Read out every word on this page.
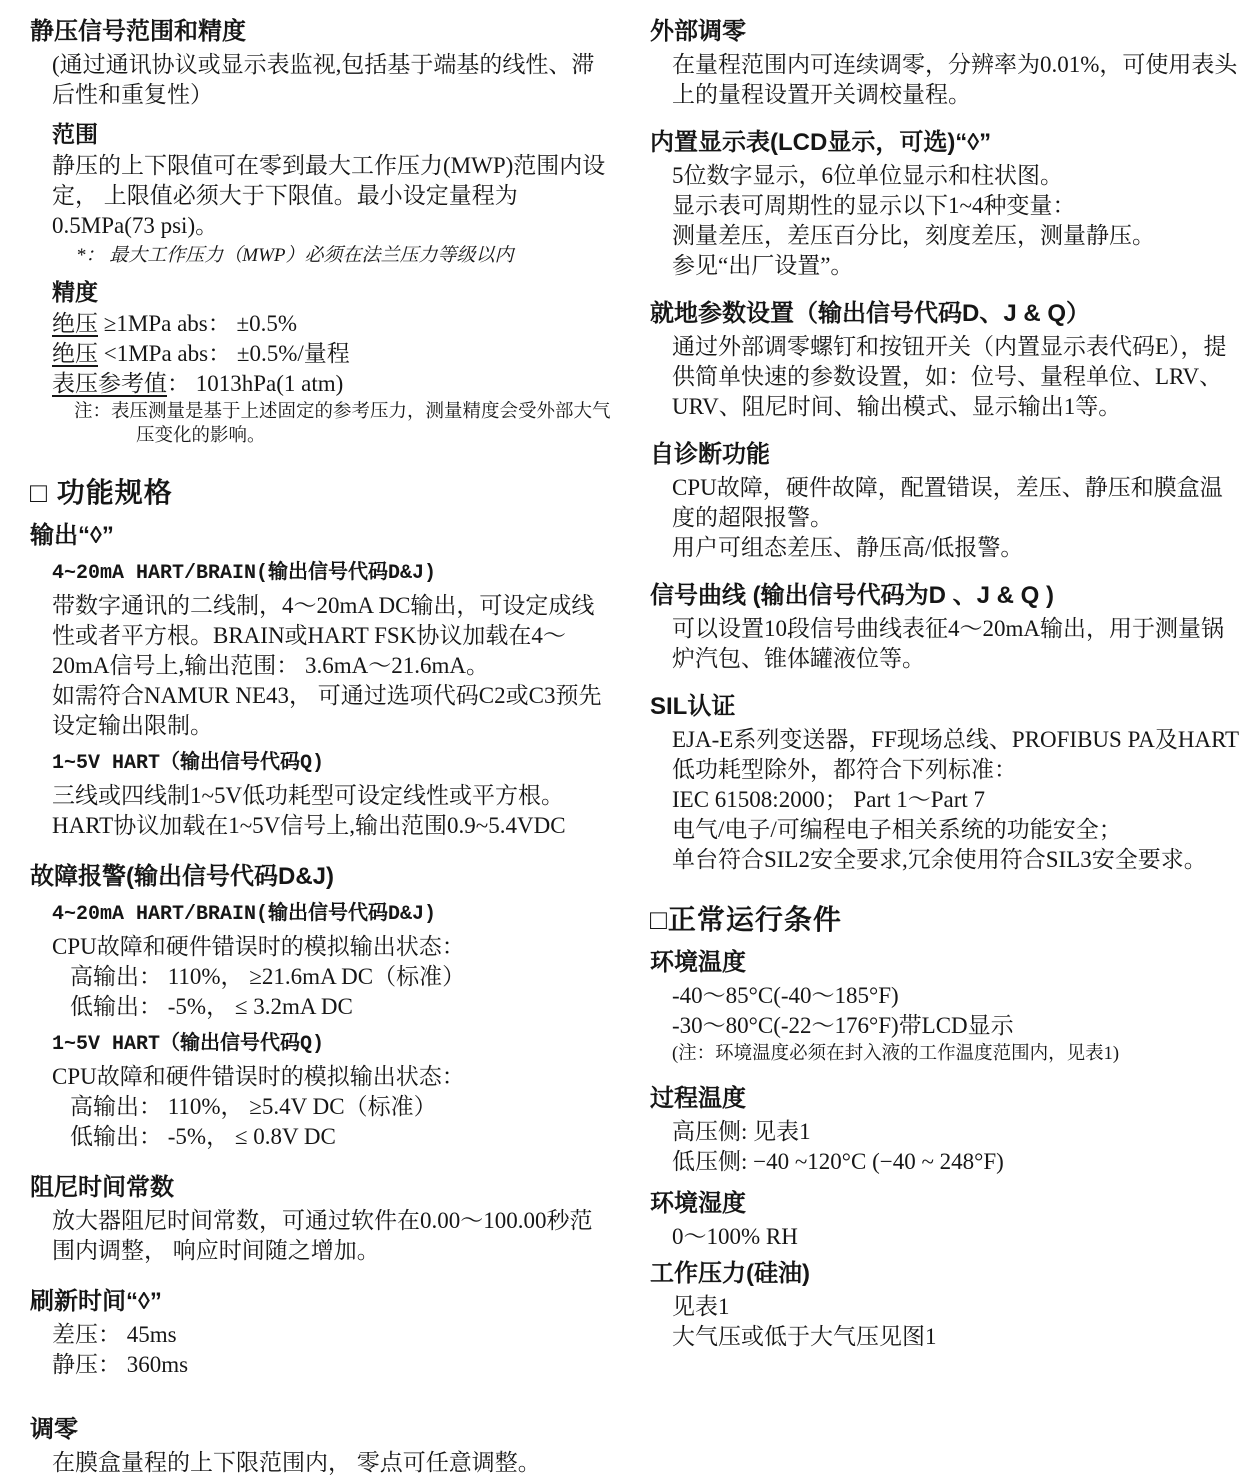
静压信号范围和精度
(通过通讯协议或显示表监视,包括基于端基的线性、滞后性和重复性）
范围
静压的上下限值可在零到最大工作压力(MWP)范围内设定， 上限值必须大于下限值。最小设定量程为0.5MPa(73 psi)。
*： 最大工作压力（MWP）必须在法兰压力等级以内
精度
绝压 ≥1MPa abs： ±0.5%
绝压 <1MPa abs： ±0.5%/量程
表压参考值： 1013hPa(1 atm)
注：表压测量是基于上述固定的参考压力，测量精度会受外部大气压变化的影响。
□ 功能规格
输出“◊”
4~20mA HART/BRAIN(输出信号代码D&J)
带数字通讯的二线制，4～20mA DC输出，可设定成线性或者平方根。BRAIN或HART FSK协议加载在4～20mA信号上,输出范围： 3.6mA～21.6mA。
如需符合NAMUR NE43， 可通过选项代码C2或C3预先设定输出限制。
1~5V HART（输出信号代码Q)
三线或四线制1~5V低功耗型可设定线性或平方根。HART协议加载在1~5V信号上,输出范围0.9~5.4VDC
故障报警(输出信号代码D&J)
4~20mA HART/BRAIN(输出信号代码D&J)
CPU故障和硬件错误时的模拟输出状态：
高输出： 110%， ≥21.6mA DC（标准）
低输出： -5%， ≤ 3.2mA DC
1~5V HART（输出信号代码Q)
CPU故障和硬件错误时的模拟输出状态：
高输出： 110%， ≥5.4V DC（标准）
低输出： -5%， ≤ 0.8V DC
阻尼时间常数
放大器阻尼时间常数，可通过软件在0.00～100.00秒范围内调整， 响应时间随之增加。
刷新时间“◊”
差压： 45ms
静压： 360ms
调零
在膜盒量程的上下限范围内， 零点可任意调整。
外部调零
在量程范围内可连续调零，分辨率为0.01%，可使用表头上的量程设置开关调校量程。
内置显示表(LCD显示，可选)“◊”
5位数字显示，6位单位显示和柱状图。
显示表可周期性的显示以下1~4种变量：
测量差压，差压百分比，刻度差压，测量静压。
参见“出厂设置”。
就地参数设置（输出信号代码D、J & Q）
通过外部调零螺钉和按钮开关（内置显示表代码E），提供简单快速的参数设置，如：位号、量程单位、LRV、URV、阻尼时间、输出模式、显示输出1等。
自诊断功能
CPU故障，硬件故障，配置错误，差压、静压和膜盒温度的超限报警。
用户可组态差压、静压高/低报警。
信号曲线 (输出信号代码为D 、J & Q )
可以设置10段信号曲线表征4～20mA输出，用于测量锅炉汽包、锥体罐液位等。
SIL认证
EJA-E系列变送器，FF现场总线、PROFIBUS PA及HART低功耗型除外，都符合下列标准：
IEC 61508:2000； Part 1～Part 7
电气/电子/可编程电子相关系统的功能安全；
单台符合SIL2安全要求,冗余使用符合SIL3安全要求。
□正常运行条件
环境温度
-40～85°C(-40～185°F)
-30～80°C(-22～176°F)带LCD显示
(注：环境温度必须在封入液的工作温度范围内，见表1)
过程温度
高压侧: 见表1
低压侧: −40 ~120°C (−40 ~ 248°F)
环境湿度
0～100% RH
工作压力(硅油)
见表1
大气压或低于大气压见图1
